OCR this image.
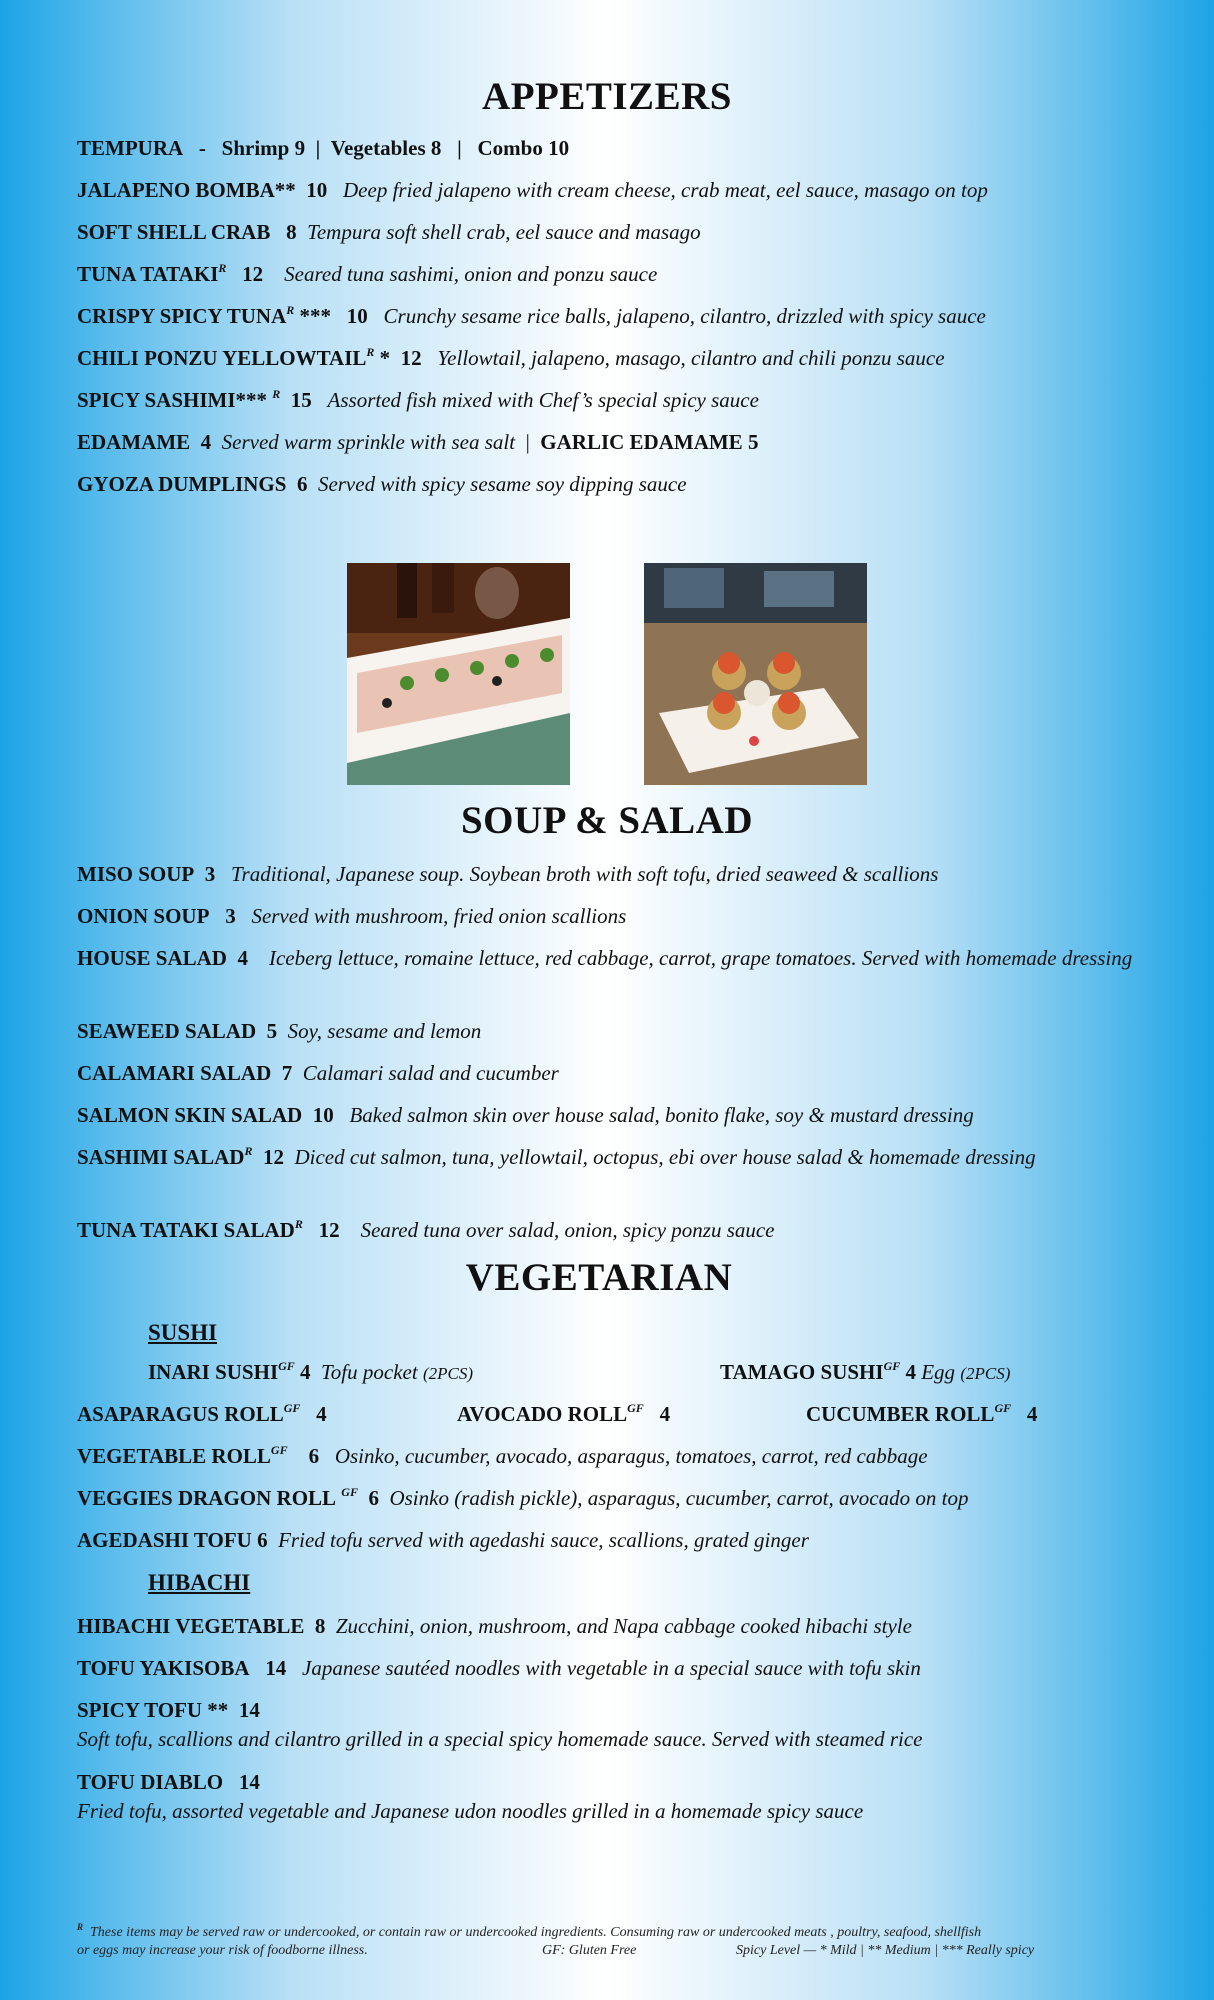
APPETIZERS
TEMPURA - Shrimp 9 | Vegetables 8 | Combo 10
JALAPENO BOMBA** 10 Deep fried jalapeno with cream cheese, crab meat, eel sauce, masago on top
SOFT SHELL CRAB 8 Tempura soft shell crab, eel sauce and masago
TUNA $TATAKI^R$ 12 Seared tuna sashimi, onion and ponzu sauce
CRISPY SPICY $TUNA^R$ *** 10 Crunchy sesame rice balls, jalapeno, cilantro, drizzled with spicy sauce
CHILI PONZU $YELLOWTAIL^R * 12$ Yellowtail, jalapeno, masago, cilantro and chili ponzu sauce
SPICY SASHIMI*** $^R$ 15 Assorted fish mixed with Chef’s special spicy sauce
EDAMAME 4 Served warm sprinkle with sea salt  |  GARLIC EDAMAME 5
GYOZA DUMPLINGS 6 Served with spicy sesame soy dipping sauce
SOUP & SALAD
MISO SOUP 3 Traditional, Japanese soup. Soybean broth with soft tofu, dried seaweed & scallions
ONION SOUP 3 Served with mushroom, fried onion scallions
HOUSE SALAD 4 Iceberg lettuce, romaine lettuce, red cabbage, carrot, grape tomatoes. Served with homemade dressing
SEAWEED SALAD 5 Soy, sesame and lemon
CALAMARI SALAD 7 Calamari salad and cucumber
SALMON SKIN SALAD 10 Baked salmon skin over house salad, bonito flake, soy & mustard dressing
SASHIMI $SALAD^R$ 12 Diced cut salmon, tuna, yellowtail, octopus, ebi over house salad & homemade dressing
TUNA TATAKI $SALAD^R$ 12 Seared tuna over salad, onion, spicy ponzu sauce
VEGETARIAN
SUSHI
INARI $SUSHI^{GF}$ 4 Tofu pocket (2PCS)	TAMAGO $SUSHI^{GF}$ 4 Egg (2PCS)
ASAPARAGUS $ROLL^{GF}$ 4	AVOCADO $ROLL^{GF}$ 4	CUCUMBER $ROLL^{GF}$ 4
VEGETABLE $ROLL^{GF}$ 6 Osinko, cucumber, avocado, asparagus, tomatoes, carrot, red cabbage
VEGGIES DRAGON ROLL $^{GF}$ 6 Osinko (radish pickle), asparagus, cucumber, carrot, avocado on top
AGEDASHI TOFU 6 Fried tofu served with agedashi sauce, scallions, grated ginger
HIBACHI
HIBACHI VEGETABLE 8 Zucchini, onion, mushroom, and Napa cabbage cooked hibachi style
TOFU YAKISOBA 14 Japanese sautéed noodles with vegetable in a special sauce with tofu skin
SPICY TOFU ** 14
Soft tofu, scallions and cilantro grilled in a special spicy homemade sauce. Served with steamed rice
TOFU DIABLO 14
Fried tofu, assorted vegetable and Japanese udon noodles grilled in a homemade spicy sauce
$^R$ These items may be served raw or undercooked, or contain raw or undercooked ingredients. Consuming raw or undercooked meats , poultry, seafood, shellfish
or eggs may increase your risk of foodborne illness.	GF: Gluten Free	Spicy Level — * Mild | ** Medium | *** Really spicy
